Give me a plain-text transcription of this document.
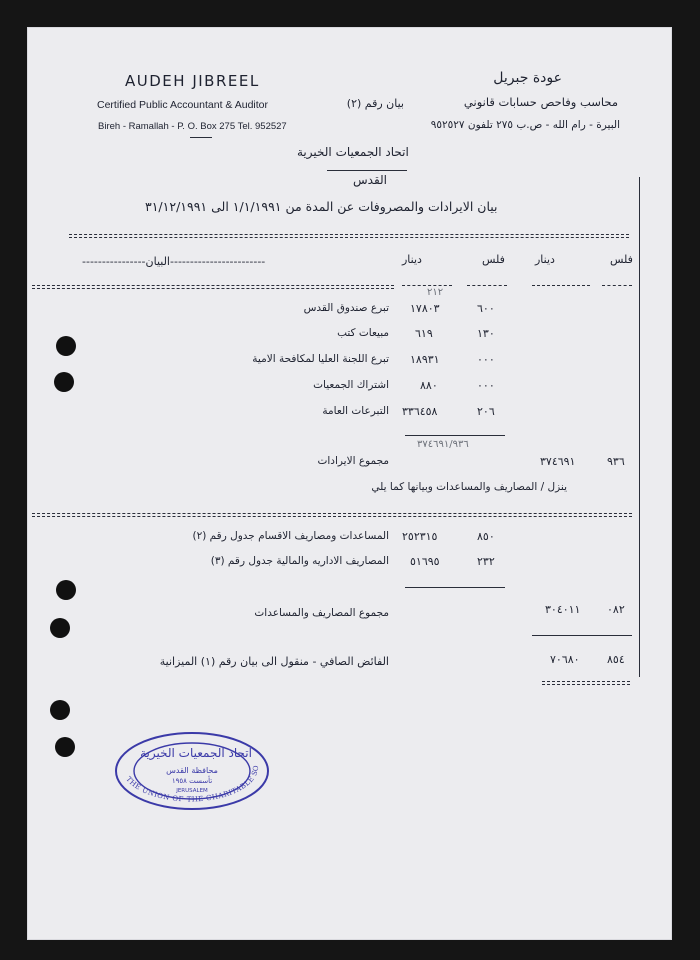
AUDEH JIBREEL
Certified Public Accountant & Auditor
Bireh - Ramallah - P. O. Box 275 Tel. 952527
عودة جبريل
محاسب وفاحص حسابات قانوني
البيرة - رام الله - ص.ب ٢٧٥ تلفون ٩٥٢٥٢٧
بيان رقم (٢)
اتحاد الجمعيات الخيرية
القدس
بيان الايرادات والمصروفات عن المدة من ١/١/١٩٩١ الى ٣١/١٢/١٩٩١
------------------------البيان----------------	دينار	فلس	دينار	فلس
٢١٢
تبرع صندوق القدس ١٧٨٠٣	٦٠٠
مبيعات كتب ٦١٩	١٣٠
تبرع اللجنة العليا لمكافحة الامية ١٨٩٣١	٠٠٠
اشتراك الجمعيات	٨٨٠	٠٠٠
التبرعات العامة ٣٣٦٤٥٨	٢٠٦
٣٧٤٦٩١/٩٣٦
مجموع الايرادات	٣٧٤٦٩١	٩٣٦
ينزل / المصاريف والمساعدات وبيانها كما يلي
المساعدات ومصاريف الاقسام جدول رقم (٢) ٢٥٢٣١٥	٨٥٠
المصاريف الاداريه والمالية جدول رقم (٣) ٥١٦٩٥	٢٣٢
مجموع المصاريف والمساعدات	٣٠٤٠١١ ٠٨٢
الفائض الصافي - منقول الى بيان رقم (١) الميزانية	٧٠٦٨٠ ٨٥٤
THE UNION OF THE CHARITABLE SO
اتحاد الجمعيات الخيرية
محافظة القدس
تأسست ١٩٥٨
JERUSALEM
